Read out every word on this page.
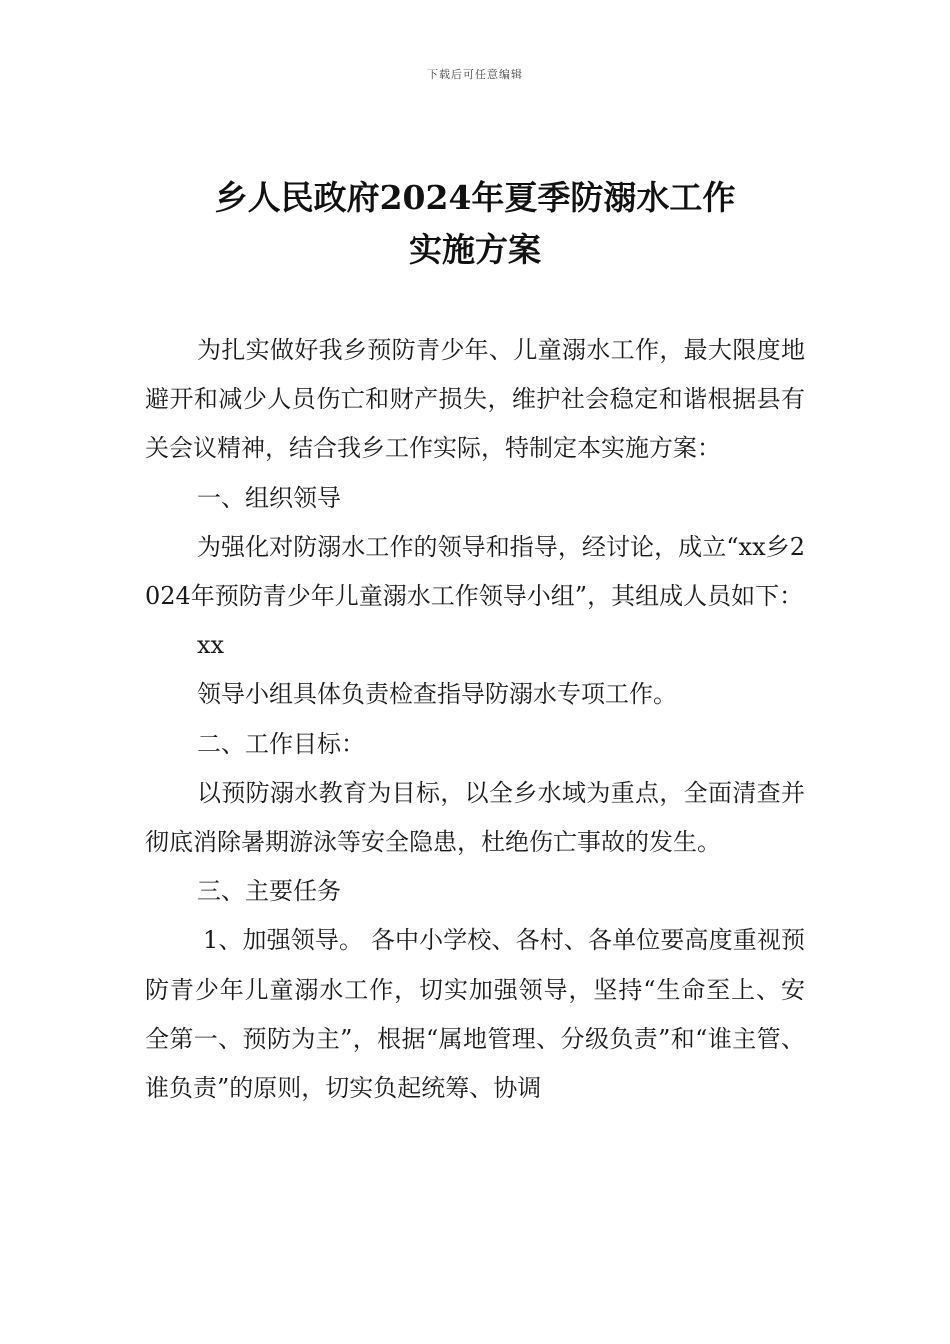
下载后可任意编辑
乡人民政府2024年夏季防溺水工作
实施方案

为扎实做好我乡预防青少年、儿童溺水工作，最大限度地避开和减少人员伤亡和财产损失，维护社会稳定和谐根据县有关会议精神，结合我乡工作实际，特制定本实施方案：

一、组织领导

为强化对防溺水工作的领导和指导，经讨论，成立“xx乡2024年预防青少年儿童溺水工作领导小组”，其组成人员如下：

xx

领导小组具体负责检查指导防溺水专项工作。

二、工作目标：

以预防溺水教育为目标，以全乡水域为重点，全面清查并彻底消除暑期游泳等安全隐患，杜绝伤亡事故的发生。

三、主要任务

1、加强领导。 各中小学校、各村、各单位要高度重视预防青少年儿童溺水工作，切实加强领导，坚持“生命至上、安全第一、预防为主”，根据“属地管理、分级负责”和“谁主管、谁负责”的原则，切实负起统筹、协调
